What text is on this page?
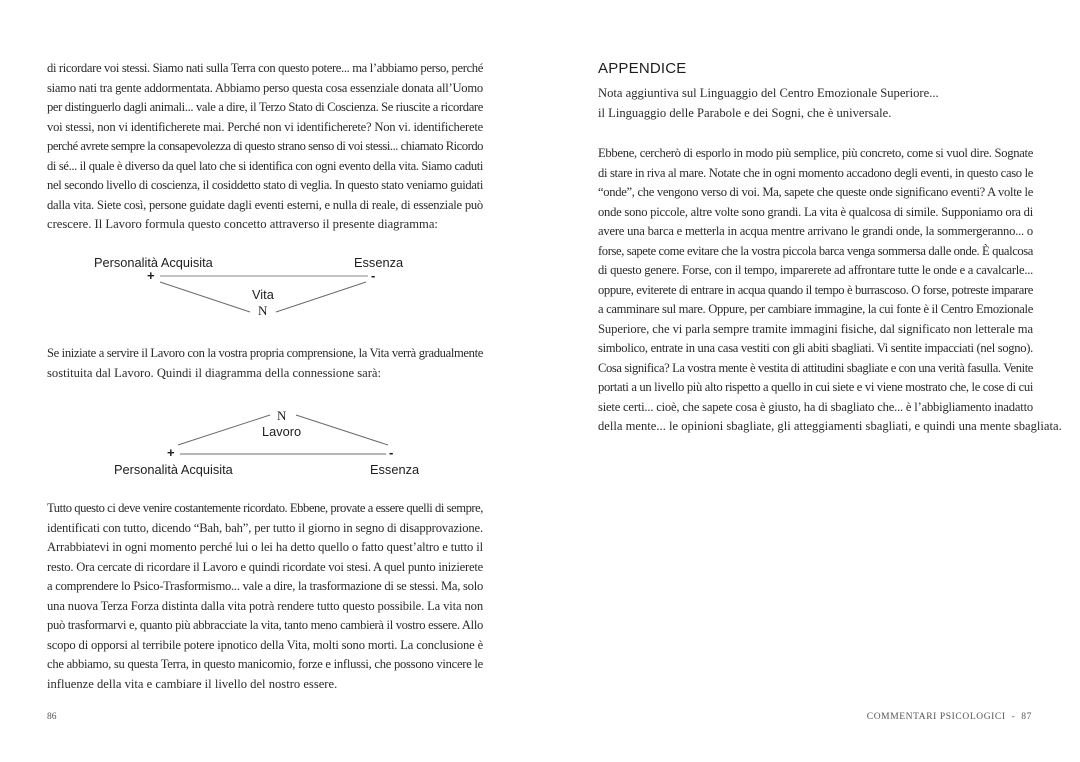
di ricordare voi stessi. Siamo nati sulla Terra con questo potere... ma l’abbiamo perso, perché
siamo nati tra gente addormentata. Abbiamo perso questa cosa essenziale donata all’Uomo
per distinguerlo dagli animali... vale a dire, il Terzo Stato di Coscienza. Se riuscite a ricordare
voi stessi, non vi identificherete mai. Perché non vi identificherete? Non vi. identificherete
perché avrete sempre la consapevolezza di questo strano senso di voi stessi... chiamato Ricordo
di sé... il quale è diverso da quel lato che si identifica con ogni evento della vita. Siamo caduti
nel secondo livello di coscienza, il cosiddetto stato di veglia. In questo stato veniamo guidati
dalla vita. Siete così, persone guidate dagli eventi esterni, e nulla di reale, di essenziale può
crescere. Il Lavoro formula questo concetto attraverso il presente diagramma:
Personalità Acquisita	Essenza
+	-
Vita
N
Se iniziate a servire il Lavoro con la vostra propria comprensione, la Vita verrà gradualmente
sostituita dal Lavoro. Quindi il diagramma della connessione sarà:
N
Lavoro
+	-
Personalità Acquisita	Essenza
Tutto questo ci deve venire costantemente ricordato. Ebbene, provate a essere quelli di sempre,
identificati con tutto, dicendo “Bah, bah”, per tutto il giorno in segno di disapprovazione.
Arrabbiatevi in ogni momento perché lui o lei ha detto quello o fatto quest’altro e tutto il
resto. Ora cercate di ricordare il Lavoro e quindi ricordate voi stesi. A quel punto inizierete
a comprendere lo Psico-Trasformismo... vale a dire, la trasformazione di se stessi. Ma, solo
una nuova Terza Forza distinta dalla vita potrà rendere tutto questo possibile. La vita non
può trasformarvi e, quanto più abbracciate la vita, tanto meno cambierà il vostro essere. Allo
scopo di opporsi al terribile potere ipnotico della Vita, molti sono morti. La conclusione è
che abbiamo, su questa Terra, in questo manicomio, forze e influssi, che possono vincere le
influenze della vita e cambiare il livello del nostro essere.
86
APPENDICE
Nota aggiuntiva sul Linguaggio del Centro Emozionale Superiore...
il Linguaggio delle Parabole e dei Sogni, che è universale.
Ebbene, cercherò di esporlo in modo più semplice, più concreto, come si vuol dire. Sognate
di stare in riva al mare. Notate che in ogni momento accadono degli eventi, in questo caso le
“onde”, che vengono verso di voi. Ma, sapete che queste onde significano eventi? A volte le
onde sono piccole, altre volte sono grandi. La vita è qualcosa di simile. Supponiamo ora di
avere una barca e metterla in acqua mentre arrivano le grandi onde, la sommergeranno... o
forse, sapete come evitare che la vostra piccola barca venga sommersa dalle onde. È qualcosa
di questo genere. Forse, con il tempo, imparerete ad affrontare tutte le onde e a cavalcarle...
oppure, eviterete di entrare in acqua quando il tempo è burrascoso. O forse, potreste imparare
a camminare sul mare. Oppure, per cambiare immagine, la cui fonte è il Centro Emozionale
Superiore, che vi parla sempre tramite immagini fisiche, dal significato non letterale ma
simbolico, entrate in una casa vestiti con gli abiti sbagliati. Vi sentite impacciati (nel sogno).
Cosa significa? La vostra mente è vestita di attitudini sbagliate e con una verità fasulla. Venite
portati a un livello più alto rispetto a quello in cui siete e vi viene mostrato che, le cose di cui
siete certi... cioè, che sapete cosa è giusto, ha di sbagliato che... è l’abbigliamento inadatto
della mente... le opinioni sbagliate, gli atteggiamenti sbagliati, e quindi una mente sbagliata.
COMMENTARI PSICOLOGICI - 87
